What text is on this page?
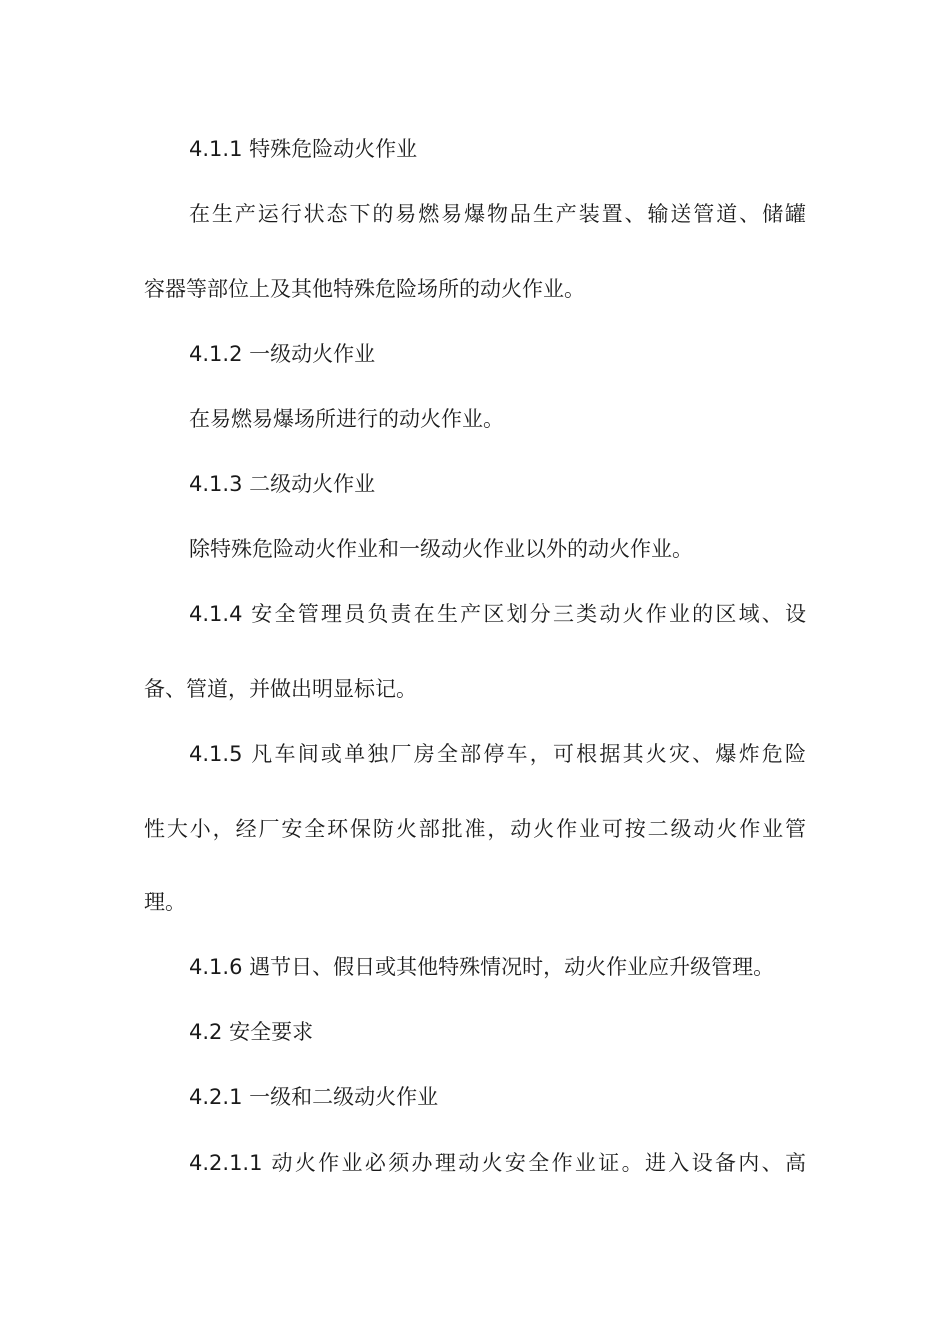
4.1.1 特殊危险动火作业
在生产运行状态下的易燃易爆物品生产装置、输送管道、储罐
容器等部位上及其他特殊危险场所的动火作业。
4.1.2 一级动火作业
在易燃易爆场所进行的动火作业。
4.1.3 二级动火作业
除特殊危险动火作业和一级动火作业以外的动火作业。
4.1.4 安全管理员负责在生产区划分三类动火作业的区域、设
备、管道，并做出明显标记。
4.1.5 凡车间或单独厂房全部停车，可根据其火灾、爆炸危险
性大小，经厂安全环保防火部批准，动火作业可按二级动火作业管
理。
4.1.6 遇节日、假日或其他特殊情况时，动火作业应升级管理。
4.2 安全要求
4.2.1 一级和二级动火作业
4.2.1.1 动火作业必须办理动火安全作业证。进入设备内、高
